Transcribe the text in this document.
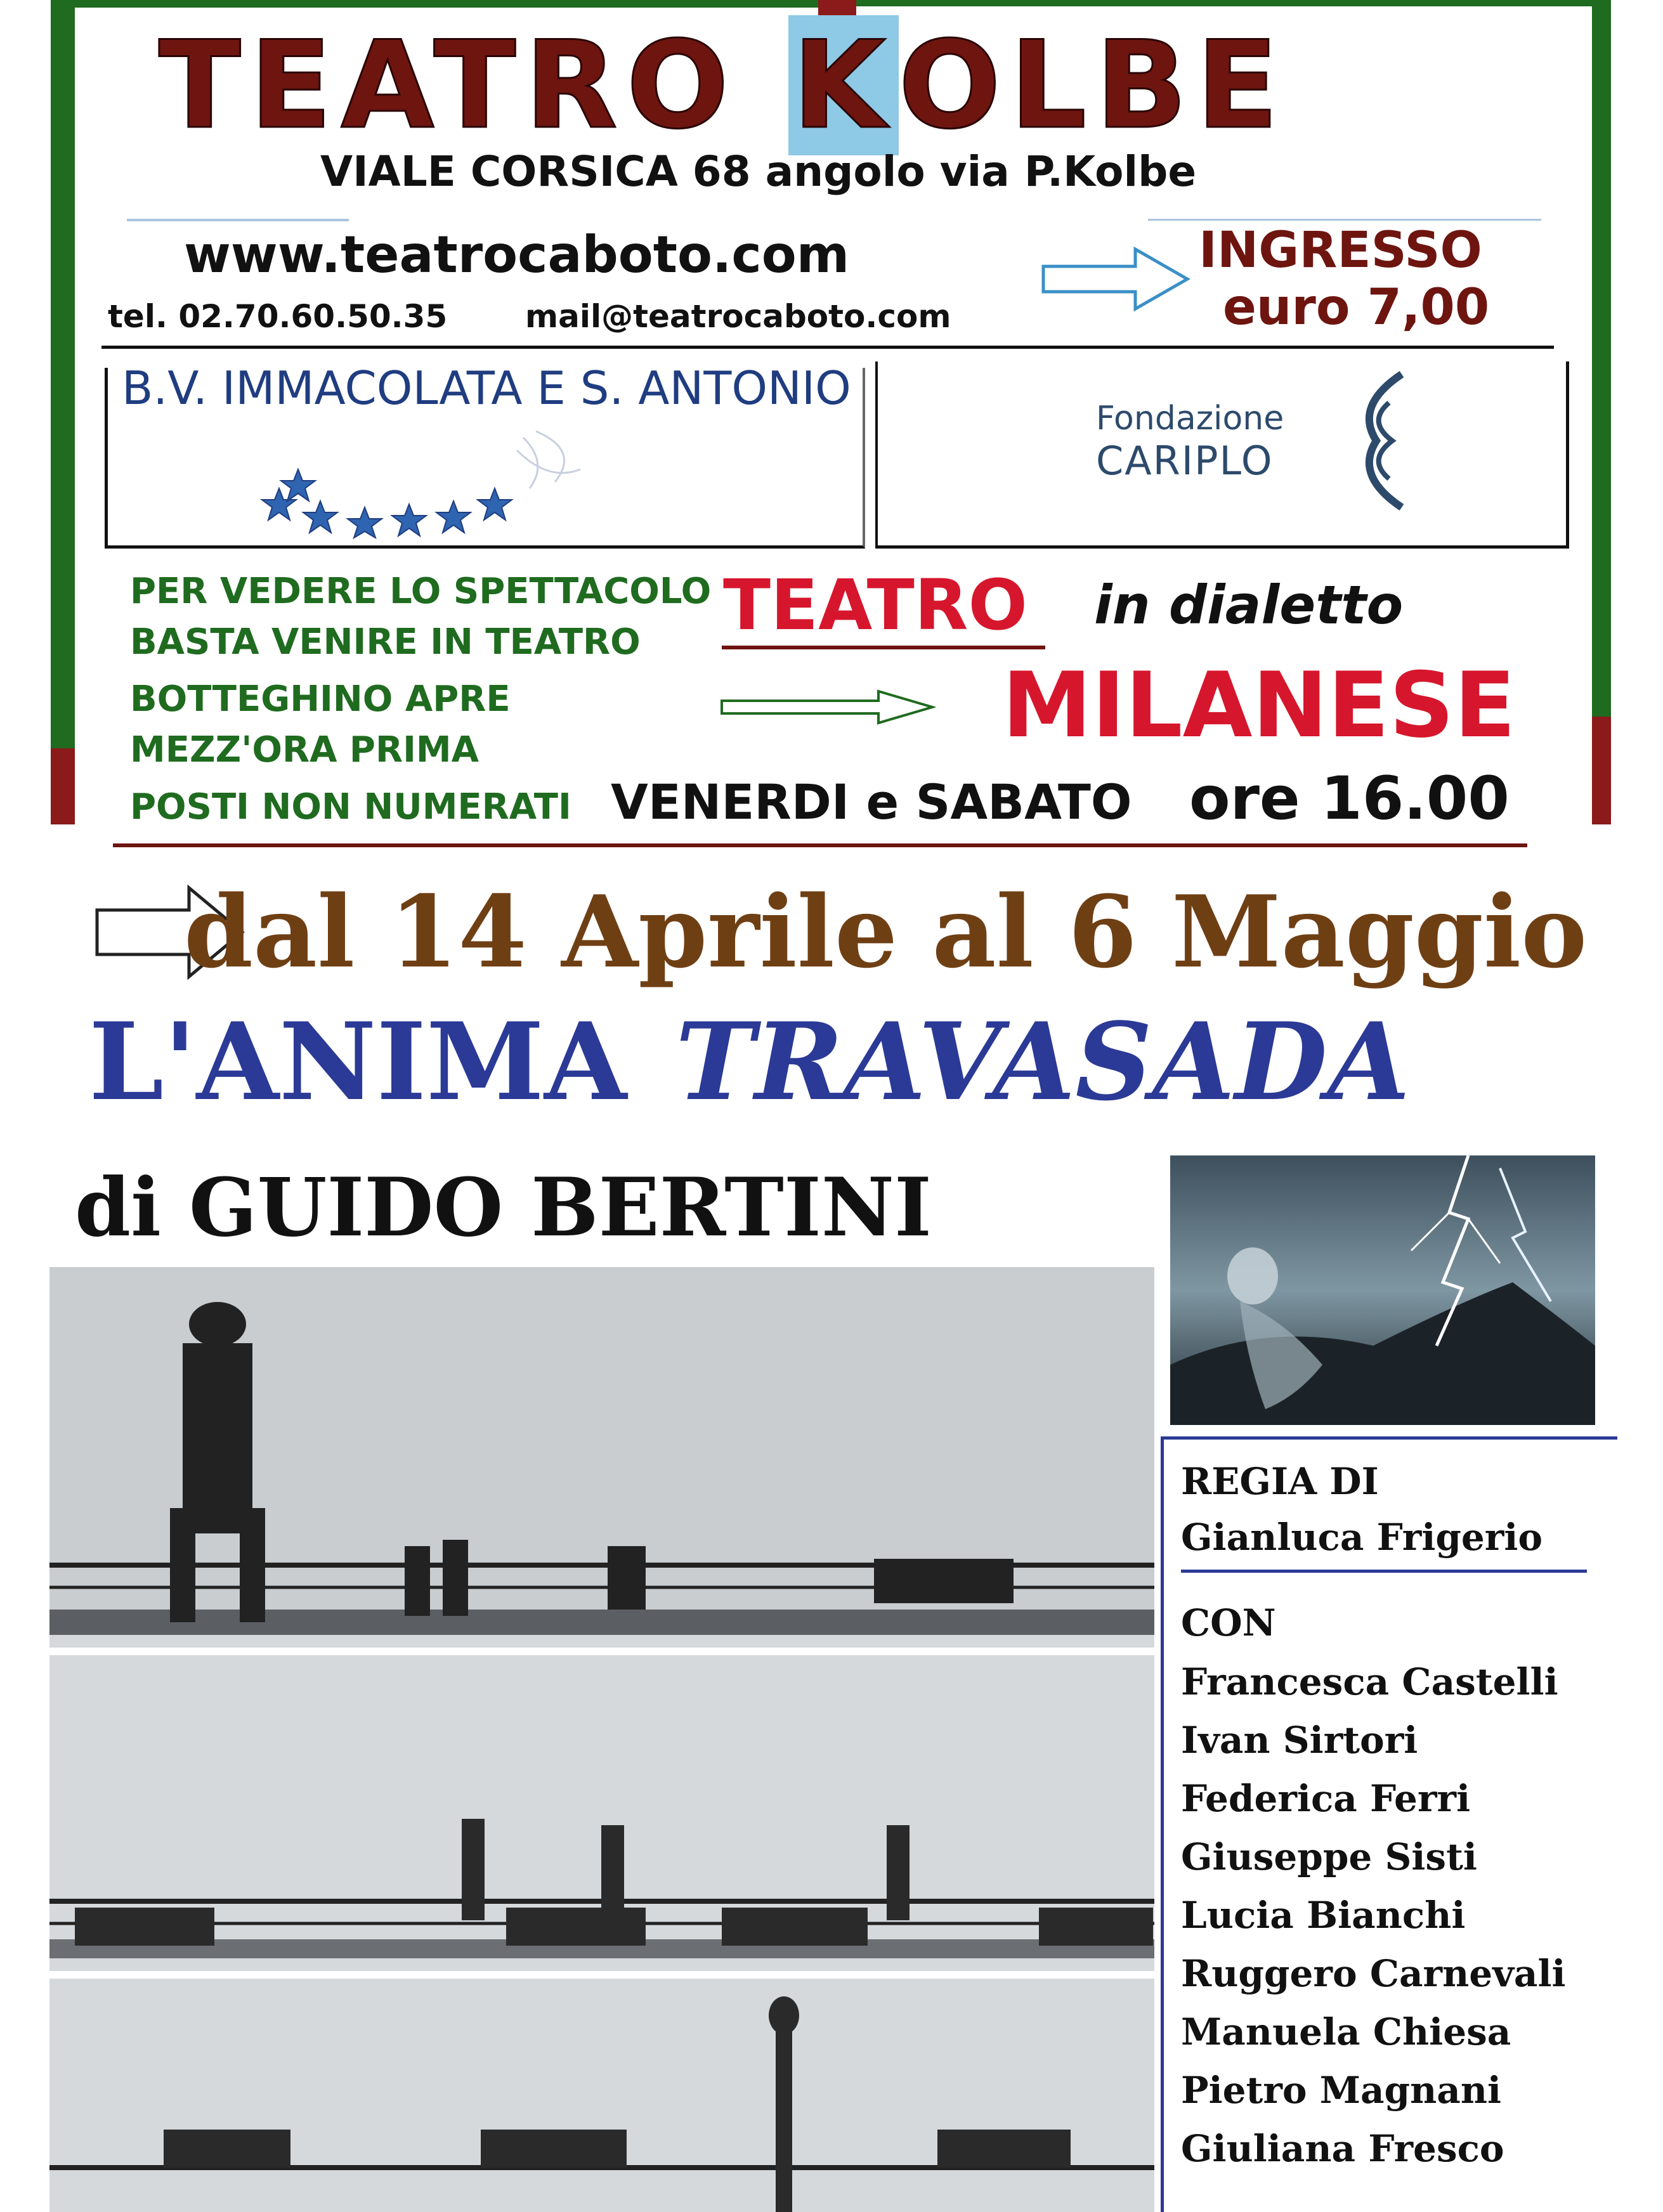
TEATRO KOLBE
VIALE CORSICA 68 angolo via P.Kolbe
www.teatrocaboto.com
tel. 02.70.60.50.35 mail@teatrocaboto.com
INGRESSO
euro 7,00
B.V. IMMACOLATA E S. ANTONIO
Fondazione
CARIPLO
PER VEDERE LO SPETTACOLO
BASTA VENIRE IN TEATRO
BOTTEGHINO APRE
MEZZ'ORA PRIMA
POSTI NON NUMERATI
TEATRO in dialetto
MILANESE
VENERDI e SABATO ore 16.00
dal 14 Aprile al 6 Maggio
L'ANIMA TRAVASADA
di GUIDO BERTINI
REGIA DI
Gianluca Frigerio
CON
Francesca Castelli
Ivan Sirtori
Federica Ferri
Giuseppe Sisti
Lucia Bianchi
Ruggero Carnevali
Manuela Chiesa
Pietro Magnani
Giuliana Fresco
